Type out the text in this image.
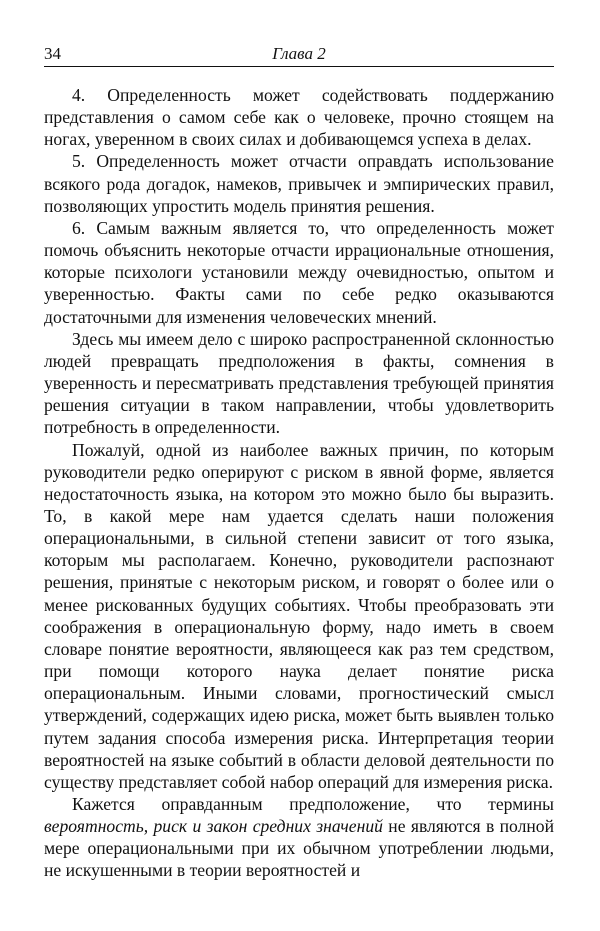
34	Глава 2

4. Определенность может содействовать поддержанию представления о самом себе как о человеке, прочно стоящем на ногах, уверенном в своих силах и добивающемся успеха в делах.

5. Определенность может отчасти оправдать использование всякого рода догадок, намеков, привычек и эмпирических правил, позволяющих упростить модель принятия решения.

6. Самым важным является то, что определенность может помочь объяснить некоторые отчасти иррациональные отношения, которые психологи установили между очевидностью, опытом и уверенностью. Факты сами по себе редко оказываются достаточными для изменения человеческих мнений.

Здесь мы имеем дело с широко распространенной склонностью людей превращать предположения в факты, сомнения в уверенность и пересматривать представления требующей принятия решения ситуации в таком направлении, чтобы удовлетворить потребность в определенности.

Пожалуй, одной из наиболее важных причин, по которым руководители редко оперируют с риском в явной форме, является недостаточность языка, на котором это можно было бы выразить. То, в какой мере нам удается сделать наши положения операциональными, в сильной степени зависит от того языка, которым мы располагаем. Конечно, руководители распознают решения, принятые с некоторым риском, и говорят о более или о менее рискованных будущих событиях. Чтобы преобразовать эти соображения в операциональную форму, надо иметь в своем словаре понятие вероятности, являющееся как раз тем средством, при помощи которого наука делает понятие риска операциональным. Иными словами, прогностический смысл утверждений, содержащих идею риска, может быть выявлен только путем задания способа измерения риска. Интерпретация теории вероятностей на языке событий в области деловой деятельности по существу представляет собой набор операций для измерения риска.

Кажется оправданным предположение, что термины вероятность, риск и закон средних значений не являются в полной мере операциональными при их обычном употреблении людьми, не искушенными в теории вероятностей и
